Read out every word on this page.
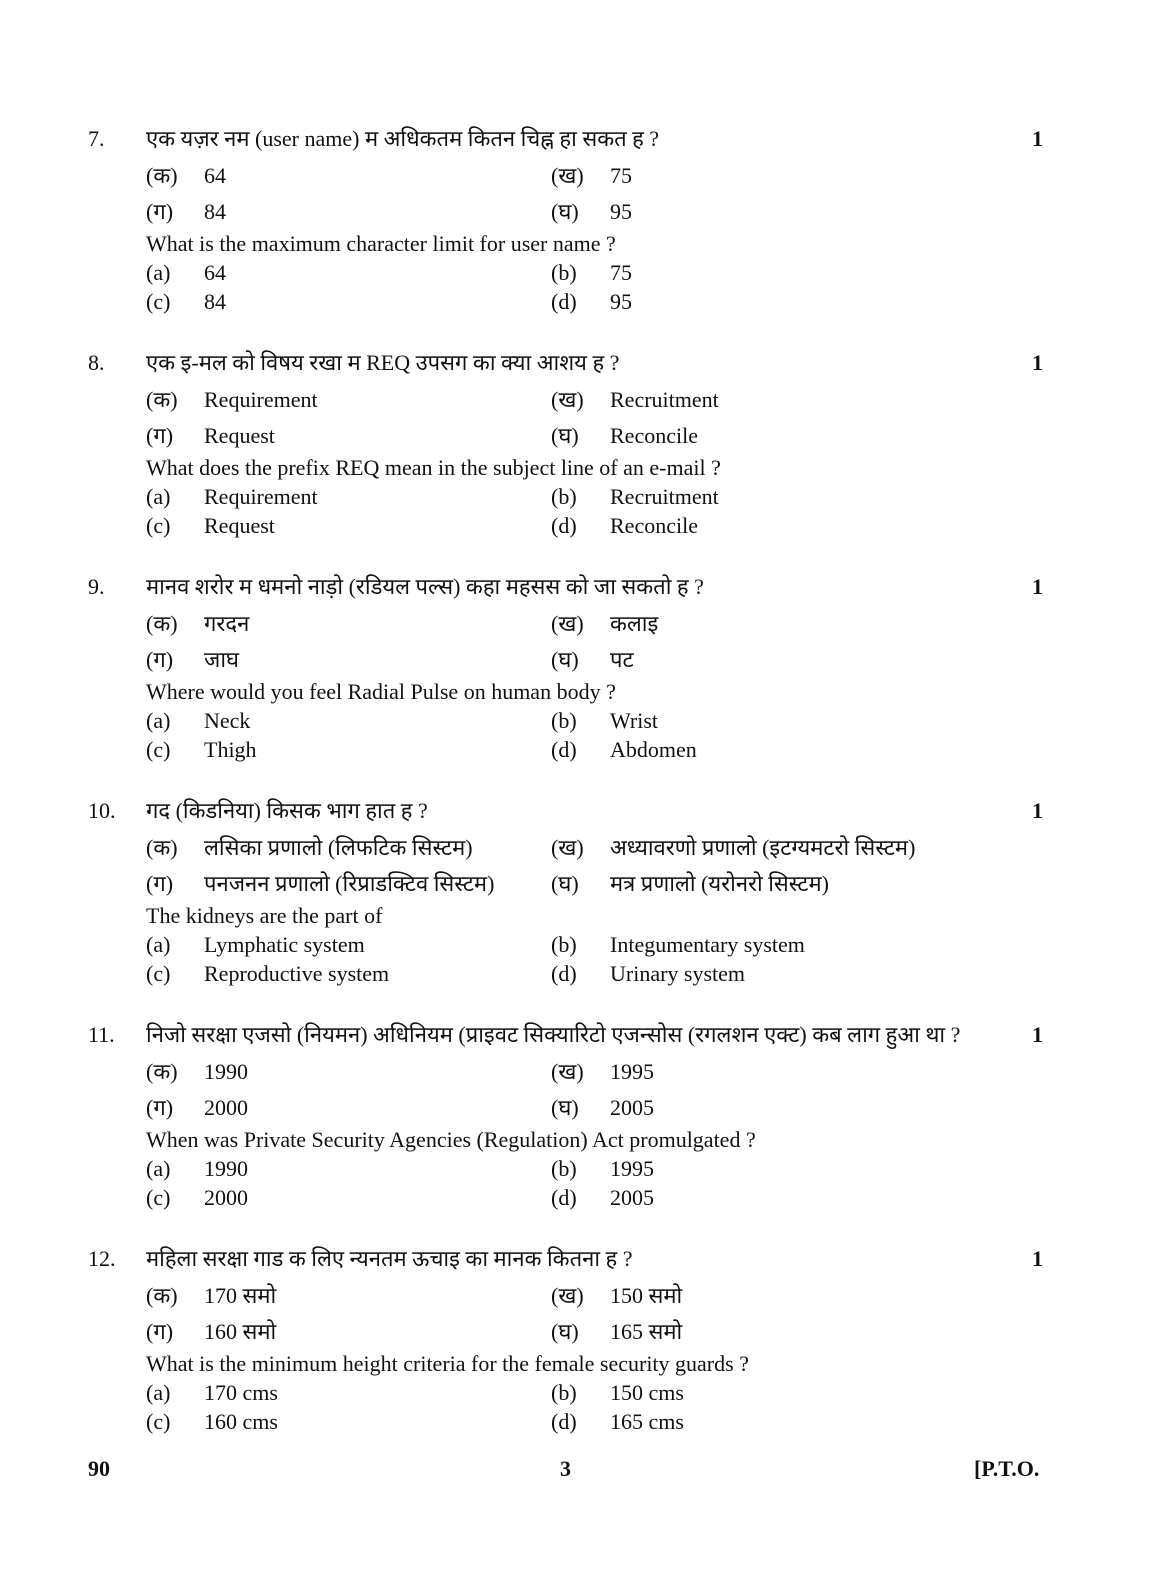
7. एक यज़र नम (user name) म अधिकतम कितन चिह्न हा सकत ह ?	1
(क) 64	(ख) 75
(ग) 84	(घ) 95
What is the maximum character limit for user name ?
(a) 64	(b) 75
(c) 84	(d) 95
8. एक इ-मल को विषय रखा म REQ उपसग का क्या आशय ह ?	1
(क) Requirement	(ख) Recruitment
(ग) Request	(घ) Reconcile
What does the prefix REQ mean in the subject line of an e-mail ?
(a) Requirement	(b) Recruitment
(c) Request	(d) Reconcile
9. मानव शरोर म धमनो नाड़ो (रडियल पल्स) कहा महसस को जा सकतो ह ?	1
(क) गरदन	(ख) कलाइ
(ग) जाघ	(घ) पट
Where would you feel Radial Pulse on human body ?
(a) Neck	(b) Wrist
(c) Thigh	(d) Abdomen
10. गद (किडनिया) किसक भाग हात ह ?	1
(क) लसिका प्रणालो (लिफटिक सिस्टम)	(ख) अध्यावरणो प्रणालो (इटग्यमटरो सिस्टम)
(ग) पनजनन प्रणालो (रिप्राडक्टिव सिस्टम)	(घ) मत्र प्रणालो (यरोनरो सिस्टम)
The kidneys are the part of
(a) Lymphatic system	(b) Integumentary system
(c) Reproductive system	(d) Urinary system
11. निजो सरक्षा एजसो (नियमन) अधिनियम (प्राइवट सिक्यारिटो एजन्सोस (रगलशन एक्ट) कब लाग हुआ था ?	1
(क) 1990	(ख) 1995
(ग) 2000	(घ) 2005
When was Private Security Agencies (Regulation) Act promulgated ?
(a) 1990	(b) 1995
(c) 2000	(d) 2005
12. महिला सरक्षा गाड क लिए न्यनतम ऊचाइ का मानक कितना ह ?	1
(क) 170 समो	(ख) 150 समो
(ग) 160 समो	(घ) 165 समो
What is the minimum height criteria for the female security guards ?
(a) 170 cms	(b) 150 cms
(c) 160 cms	(d) 165 cms
90	3	[P.T.O.
